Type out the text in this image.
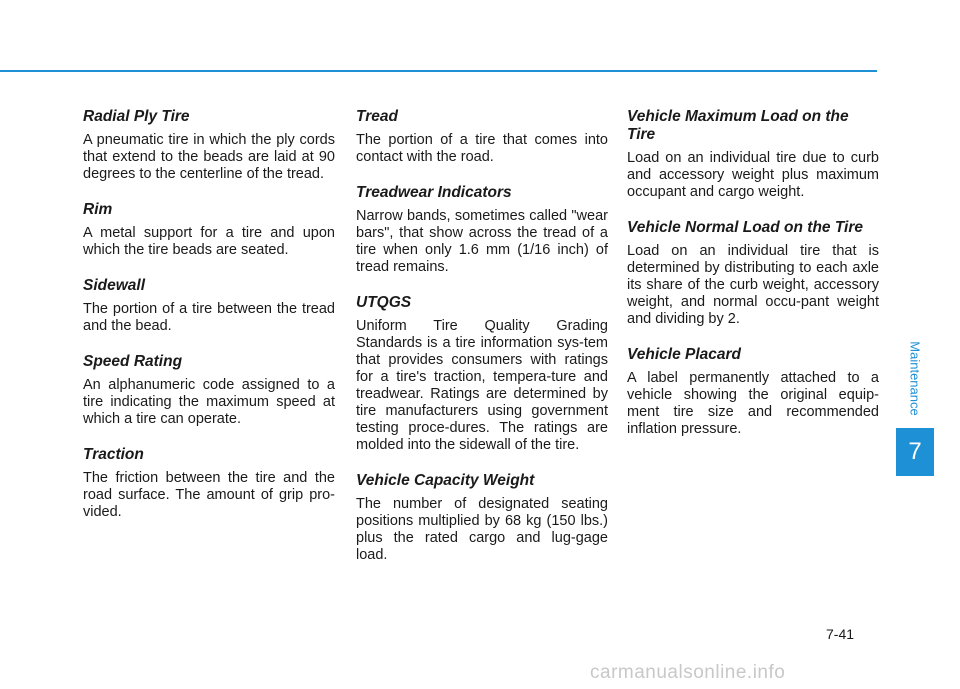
Radial Ply Tire

A pneumatic tire in which the ply cords that extend to the beads are laid at 90 degrees to the centerline of the tread.

Rim

A metal support for a tire and upon which the tire beads are seated.

Sidewall

The portion of a tire between the tread and the bead.

Speed Rating

An alphanumeric code assigned to a tire indicating the maximum speed at which a tire can operate.

Traction

The friction between the tire and the road surface. The amount of grip pro-vided.

Tread

The portion of a tire that comes into contact with the road.

Treadwear Indicators

Narrow bands, sometimes called "wear bars", that show across the tread of a tire when only 1.6 mm (1/16 inch) of tread remains.

UTQGS

Uniform Tire Quality Grading Standards is a tire information sys-tem that provides consumers with ratings for a tire's traction, tempera-ture and treadwear. Ratings are determined by tire manufacturers using government testing proce-dures. The ratings are molded into the sidewall of the tire.

Vehicle Capacity Weight

The number of designated seating positions multiplied by 68 kg (150 lbs.) plus the rated cargo and lug-gage load.

Vehicle Maximum Load on the Tire

Load on an individual tire due to curb and accessory weight plus maximum occupant and cargo weight.

Vehicle Normal Load on the Tire

Load on an individual tire that is determined by distributing to each axle its share of the curb weight, accessory weight, and normal occu-pant weight and dividing by 2.

Vehicle Placard

A label permanently attached to a vehicle showing the original equip-ment tire size and recommended inflation pressure.

Maintenance
7
7-41
carmanualsonline.info
